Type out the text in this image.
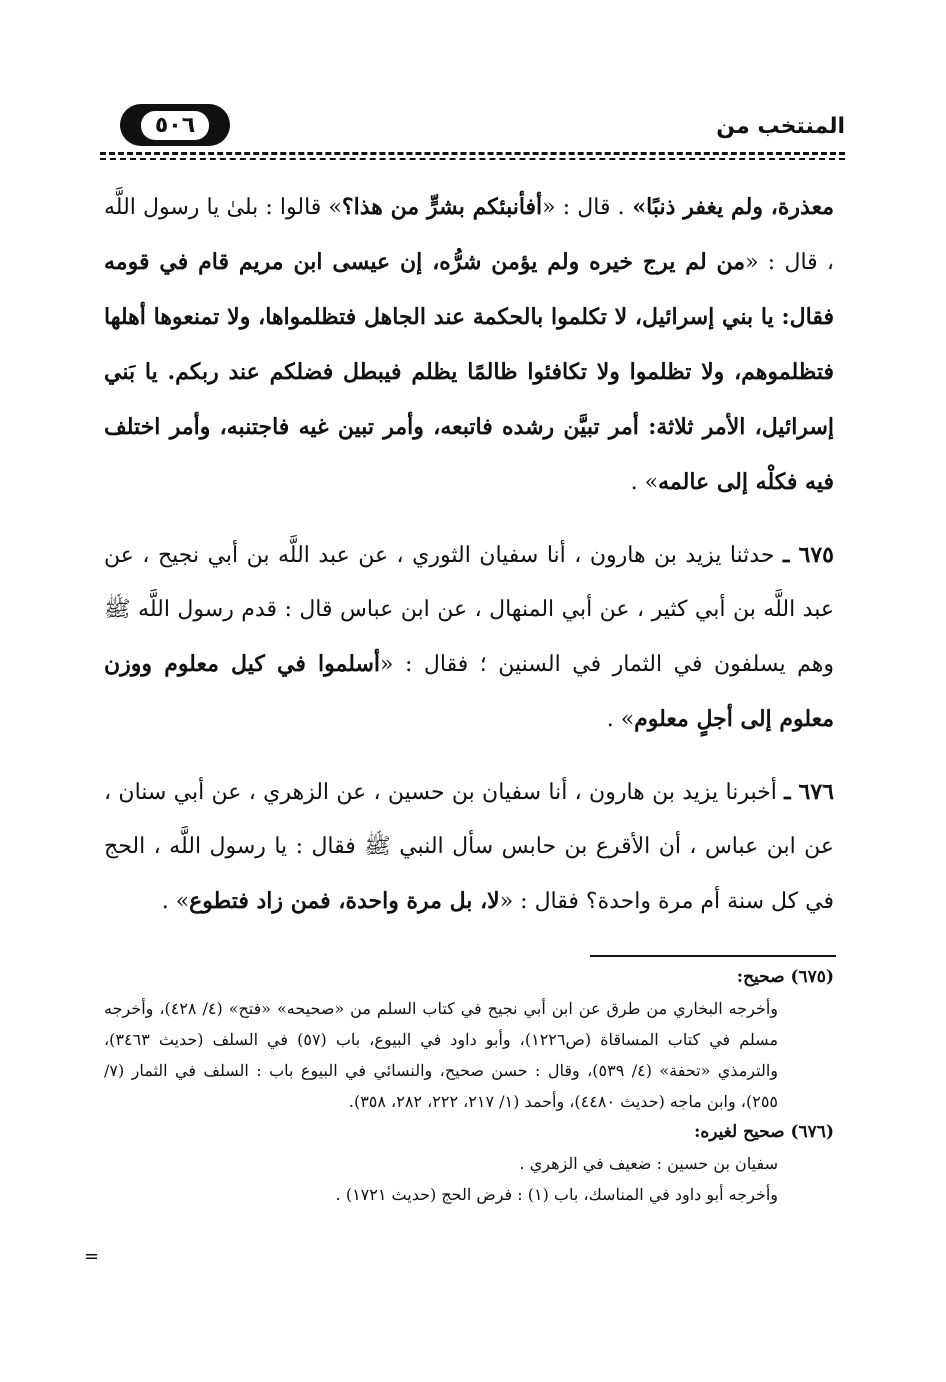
المنتخب من
٥٠٦

معذرة، ولم يغفر ذنبًا» . قال : «أفأنبئكم بشرٍّ من هذا؟» قالوا : بلىٰ يا رسول اللَّه ، قال : «من لم يرج خيره ولم يؤمن شرُّه، إن عيسى ابن مريم قام في قومه فقال: يا بني إسرائيل، لا تكلموا بالحكمة عند الجاهل فتظلمواها، ولا تمنعوها أهلها فتظلموهم، ولا تظلموا ولا تكافئوا ظالمًا يظلم فيبطل فضلكم عند ربكم. يا بَني إسرائيل، الأمر ثلاثة: أمر تبيَّن رشده فاتبعه، وأمر تبين غيه فاجتنبه، وأمر اختلف فيه فكلْه إلى عالمه» .

٦٧٥ ـ حدثنا يزيد بن هارون ، أنا سفيان الثوري ، عن عبد اللَّه بن أبي نجيح ، عن عبد اللَّه بن أبي كثير ، عن أبي المنهال ، عن ابن عباس قال : قدم رسول اللَّه ﷺ وهم يسلفون في الثمار في السنين ؛ فقال : «أسلموا في كيل معلوم ووزن معلوم إلى أجلٍ معلوم» .

٦٧٦ ـ أخبرنا يزيد بن هارون ، أنا سفيان بن حسين ، عن الزهري ، عن أبي سنان ، عن ابن عباس ، أن الأقرع بن حابس سأل النبي ﷺ فقال : يا رسول اللَّه ، الحج في كل سنة أم مرة واحدة؟ فقال : «لا، بل مرة واحدة، فمن زاد فتطوع» .

(٦٧٥) صحيح:

وأخرجه البخاري من طرق عن ابن أبي نجيح في كتاب السلم من «صحيحه» «فتح» (٤/ ٤٢٨)، وأخرجه مسلم في كتاب المساقاة (ص١٢٢٦)، وأبو داود في البيوع، باب (٥٧) في السلف (حديث ٣٤٦٣)، والترمذي «تحفة» (٤/ ٥٣٩)، وقال : حسن صحيح، والنسائي في البيوع باب : السلف في الثمار (٧/ ٢٥٥)، وابن ماجه (حديث ٤٤٨٠)، وأحمد (١/ ٢١٧، ٢٢٢، ٢٨٢، ٣٥٨).

(٦٧٦) صحيح لغيره:

سفيان بن حسين : ضعيف في الزهري .

وأخرجه أبو داود في المناسك، باب (١) : فرض الحج (حديث ١٧٢١) .

=
